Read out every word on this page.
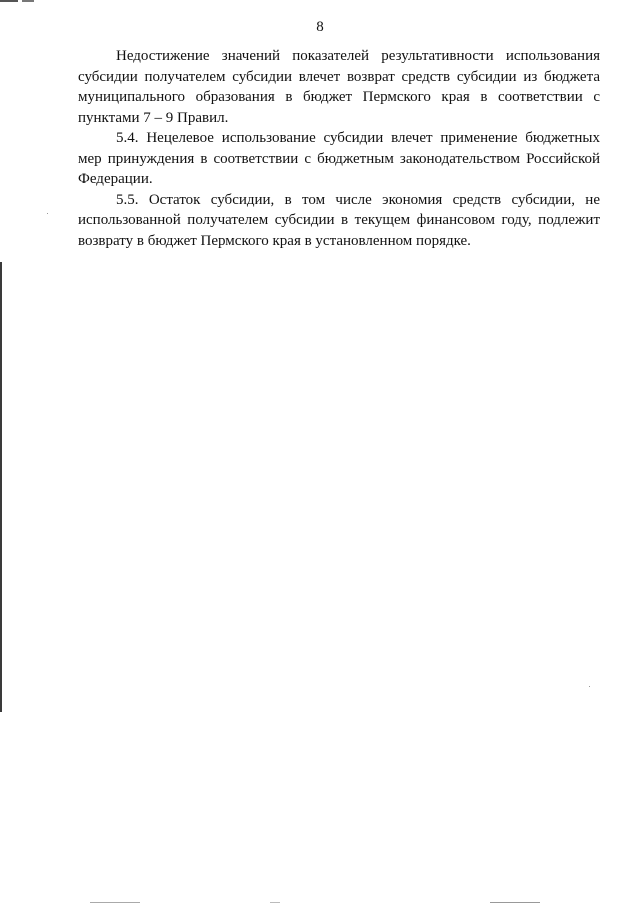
8

Недостижение значений показателей результативности использования субсидии получателем субсидии влечет возврат средств субсидии из бюджета муниципального образования в бюджет Пермского края в соответствии с пунктами 7 – 9 Правил.

5.4. Нецелевое использование субсидии влечет применение бюджетных мер принуждения в соответствии с бюджетным законодательством Российской Федерации.

5.5. Остаток субсидии, в том числе экономия средств субсидии, не использованной получателем субсидии в текущем финансовом году, подлежит возврату в бюджет Пермского края в установленном порядке.
